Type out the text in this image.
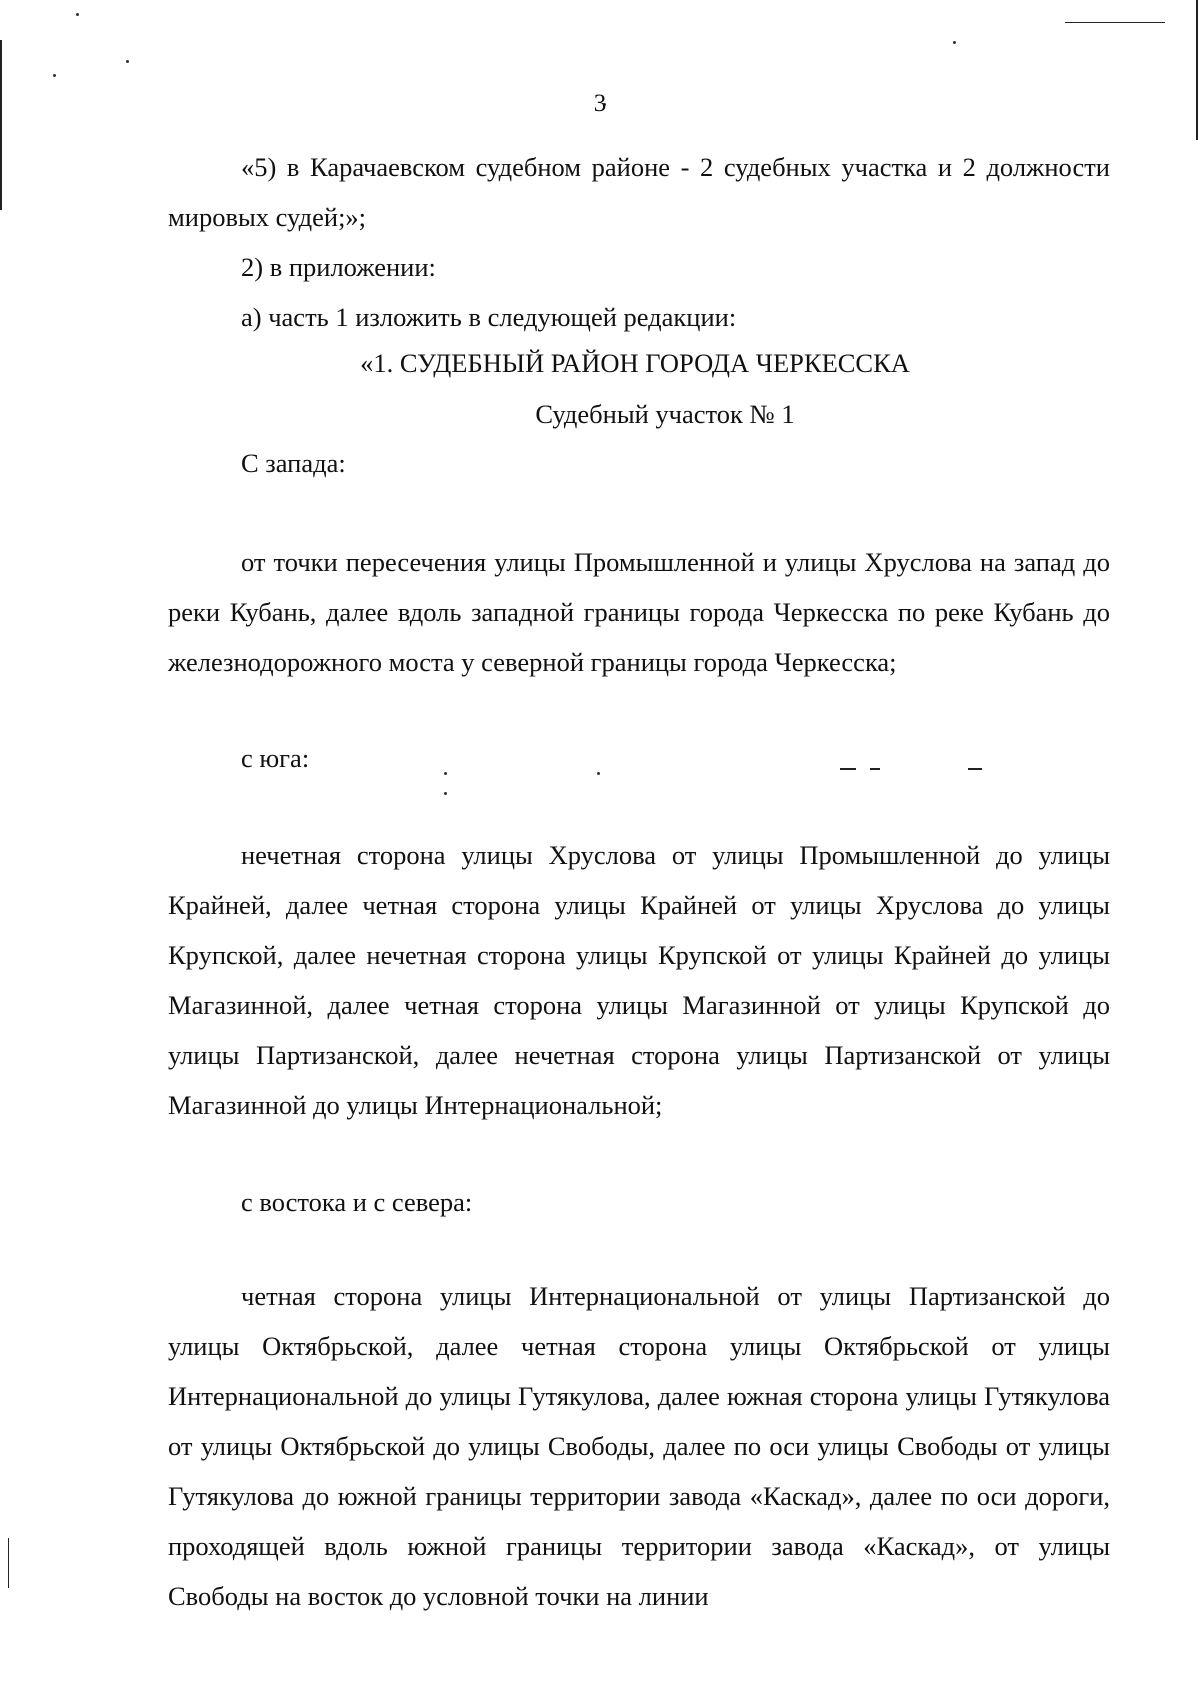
3

«5) в Карачаевском судебном районе - 2 судебных участка и 2 должности мировых судей;»;

2) в приложении:

а) часть 1 изложить в следующей редакции:

«1. СУДЕБНЫЙ РАЙОН ГОРОДА ЧЕРКЕССКА
Судебный участок № 1

С запада:

от точки пересечения улицы Промышленной и улицы Хруслова на запад до реки Кубань, далее вдоль западной границы города Черкесска по реке Кубань до железнодорожного моста у северной границы города Черкесска;

с юга:

нечетная сторона улицы Хруслова от улицы Промышленной до улицы Крайней, далее четная сторона улицы Крайней от улицы Хруслова до улицы Крупской, далее нечетная сторона улицы Крупской от улицы Крайней до улицы Магазинной, далее четная сторона улицы Магазинной от улицы Крупской до улицы Партизанской, далее нечетная сторона улицы Партизанской от улицы Магазинной до улицы Интернациональной;

с востока и с севера:

четная сторона улицы Интернациональной от улицы Партизанской до улицы Октябрьской, далее четная сторона улицы Октябрьской от улицы Интернациональной до улицы Гутякулова, далее южная сторона улицы Гутякулова от улицы Октябрьской до улицы Свободы, далее по оси улицы Свободы от улицы Гутякулова до южной границы территории завода «Каскад», далее по оси дороги, проходящей вдоль южной границы территории завода «Каскад», от улицы Свободы на восток до условной точки на линии
